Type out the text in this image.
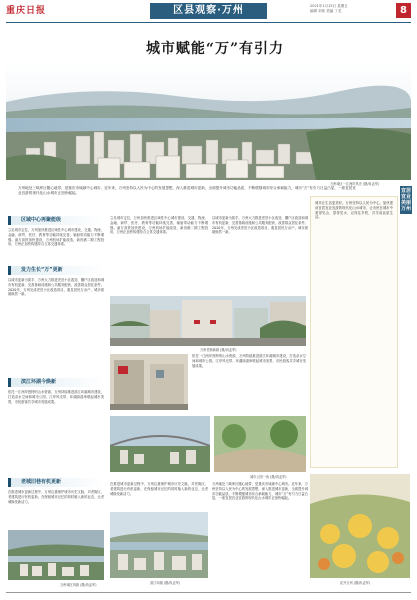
重庆日报	区县观察·万州	2021年1月15日 星期五
编辑 刘伟 美编 丁龙	8
城市赋能“万”有引力
万州城区一江两岸风光 (摄/冉孟军)
万州地处三峡库区腹心地带，是重庆市域副中心城市。近年来，万州坚持以人民为中心的发展思想，深入推进城市更新，全面提升城市功能品质，不断增强城市综合承载能力，城市“万”有引力日益凸显，一座宜居宜业宜游的现代化山水城市正加快崛起。
区域中心再聚能级
立足城市定位，万州加快推进区域性中心城市建设，交通、物流、金融、商贸、医疗、教育等功能持续完善，辐射带动能力不断增强。渝万高铁加快建设，万州机场扩能改造，新田港二期工程投用，万州正加快构建综合立体交通体系。
发力生长“万”更新
以城市更新为抓手，万州大力推进老旧小区改造、棚户区改造和城市有机更新，完善基础设施和公共服务配套，改善群众居住条件。2020年，万州完成老旧小区改造项目，惠及居民万余户，城市面貌焕然一新。
滨江环湖今焕新
依托一江两岸独特的山水资源，万州持续推进滨江环湖城市建设，打造亲水空间和城市公园，江岸风光带、环湖绿道串联起城市美景，市民游客共享城市发展成果。
老城旧巷有机更新
在推进城市更新过程中，万州注重保护城市历史文脉，对老街区、老建筑进行有机更新，在保留城市记忆的同时植入新的业态，让老城焕发新活力。
万州城区风貌 (摄/冉孟军)
立足城市定位，万州加快推进区域性中心城市建设，交通、物流、金融、商贸、医疗、教育等功能持续完善，辐射带动能力不断增强。渝万高铁加快建设，万州机场扩能改造，新田港二期工程投用，万州正加快构建综合立体交通体系。
以城市更新为抓手，万州大力推进老旧小区改造、棚户区改造和城市有机更新，完善基础设施和公共服务配套，改善群众居住条件。2020年，万州完成老旧小区改造项目，惠及居民万余户，城市面貌焕然一新。
万州老街新貌 (摄/冉孟军)
依托一江两岸独特的山水资源，万州持续推进滨江环湖城市建设，打造亲水空间和城市公园，江岸风光带、环湖绿道串联起城市美景，市民游客共享城市发展成果。
城市公园一角 (摄/冉孟军)
在推进城市更新过程中，万州注重保护城市历史文脉，对老街区、老建筑进行有机更新，在保留城市记忆的同时植入新的业态，让老城焕发新活力。
滨江环湖 (摄/冉孟军)
万州地处三峡库区腹心地带，是重庆市域副中心城市。近年来，万州坚持以人民为中心的发展思想，深入推进城市更新，全面提升城市功能品质，不断增强城市综合承载能力，城市“万”有引力日益凸显，一座宜居宜业宜游的现代化山水城市正加快崛起。
宜居宜业 美丽万州
城市让生活更美好。万州坚持以人民为中心，加快建设宜居宜业宜游的现代化山水城市，让市民在城市中看得见山、望得见水、记得住乡愁，共享高品质生活。
花开万州 (摄/冉孟军)
